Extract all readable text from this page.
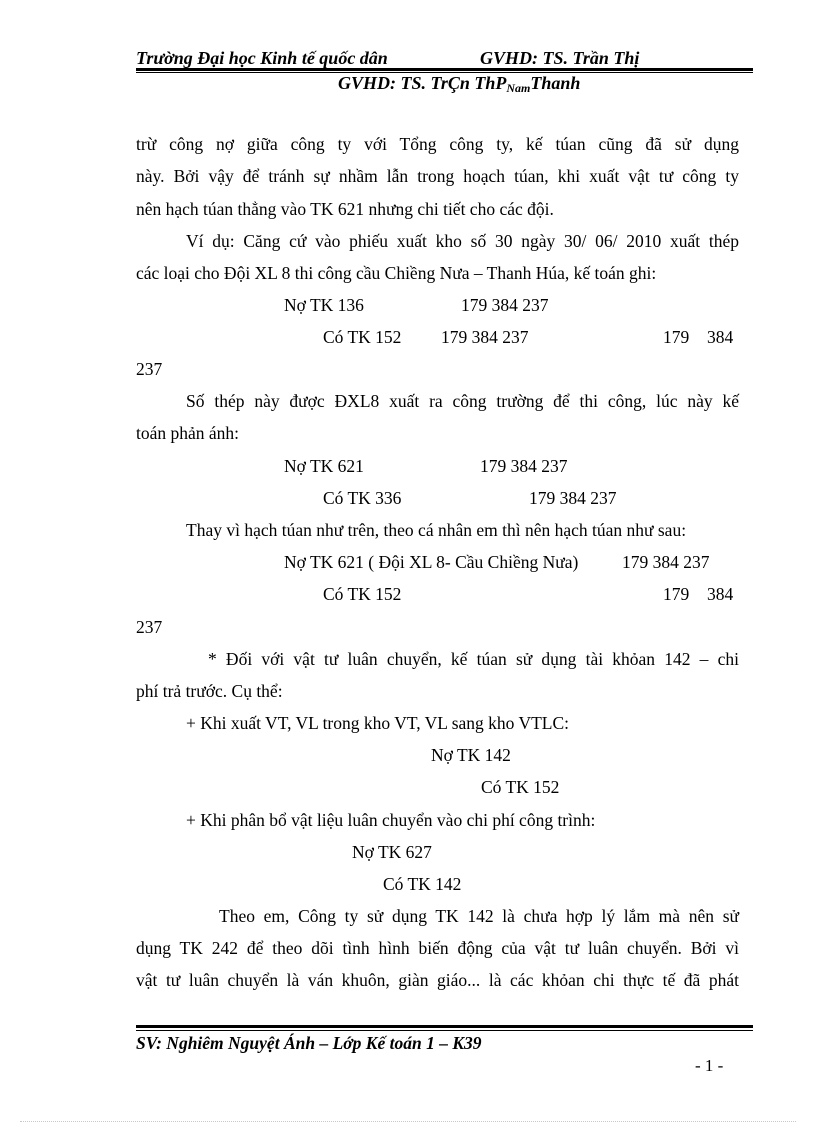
Trường Đại học Kinh tế quốc dân	GVHD: TS. Trần Thị
GVHD: TS. TrÇn ThPNamThanh
trừ công nợ giữa công ty với Tổng công ty, kế túan cũng đã sử dụng
này. Bởi vậy để tránh sự nhầm lẫn trong hoạch túan, khi xuất vật tư công ty
nên hạch túan thẳng vào TK 621 nhưng chi tiết cho các đội.
Ví dụ: Căng cứ vào phiếu xuất kho số 30 ngày 30/ 06/ 2010 xuất thép
các loại cho Đội XL 8 thi công cầu Chiềng Nưa – Thanh Húa, kế toán ghi:
Nợ TK 136	179 384 237
Có TK 152 179 384 237	179 384
237
Số thép này được ĐXL8 xuất ra công trường để thi công, lúc này kế
toán phản ánh:
Nợ TK 621	179 384 237
Có TK 336	179 384 237
Thay vì hạch túan như trên, theo cá nhân em thì nên hạch túan như sau:
Nợ TK 621 ( Đội XL 8- Cầu Chiềng Nưa) 179 384 237
Có TK 152	179 384
237
* Đối với vật tư luân chuyển, kế túan sử dụng tài khỏan 142 – chi
phí trả trước. Cụ thể:
+ Khi xuất VT, VL trong kho VT, VL sang kho VTLC:
Nợ TK 142
Có TK 152
+ Khi phân bổ vật liệu luân chuyển vào chi phí công trình:
Nợ TK 627
Có TK 142
Theo em, Công ty sử dụng TK 142 là chưa hợp lý lắm mà nên sử
dụng TK 242 để theo dõi tình hình biến động của vật tư luân chuyển. Bởi vì
vật tư luân chuyển là ván khuôn, giàn giáo... là các khỏan chi thực tế đã phát
SV: Nghiêm Nguyệt Ánh – Lớp Kế toán 1 – K39
- 1 -
